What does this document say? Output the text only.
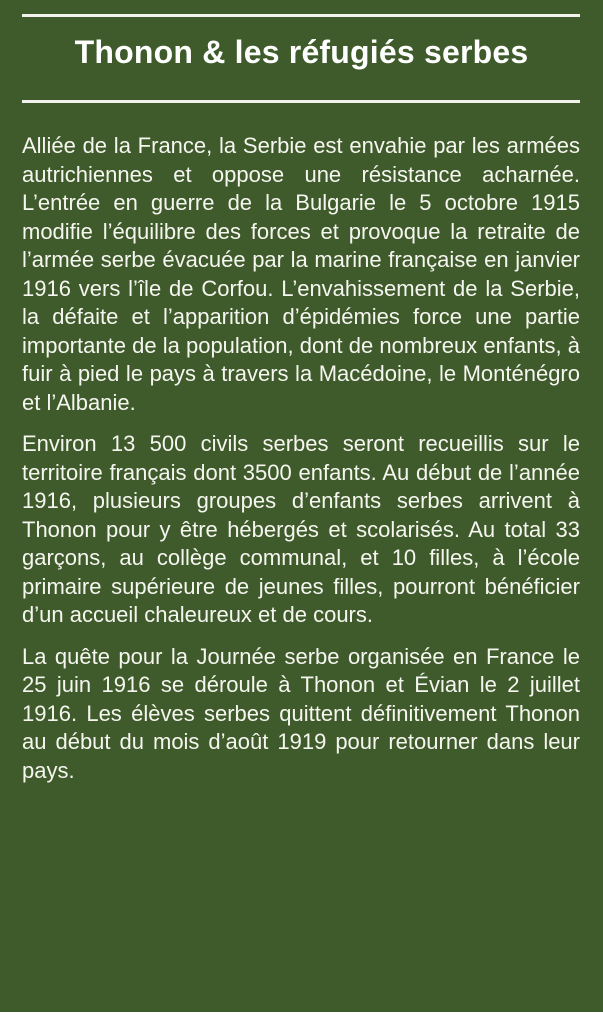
Thonon & les réfugiés serbes

Alliée de la France, la Serbie est envahie par les armées autrichiennes et oppose une résistance acharnée. L’entrée en guerre de la Bulgarie le 5 octobre 1915 modifie l’équilibre des forces et provoque la retraite de l’armée serbe évacuée par la marine française en janvier 1916 vers l’île de Corfou. L’envahissement de la Serbie, la défaite et l’apparition d’épidémies force une partie importante de la population, dont de nombreux enfants, à fuir à pied le pays à travers la Macédoine, le Monténégro et l’Albanie.

Environ 13 500 civils serbes seront recueillis sur le territoire français dont 3500 enfants. Au début de l’année 1916, plusieurs groupes d’enfants serbes arrivent à Thonon pour y être hébergés et scolarisés. Au total 33 garçons, au collège communal, et 10 filles, à l’école primaire supérieure de jeunes filles, pourront bénéficier d’un accueil chaleureux et de cours.

La quête pour la Journée serbe organisée en France le 25 juin 1916 se déroule à Thonon et Évian le 2 juillet 1916. Les élèves serbes quittent définitivement Thonon au début du mois d’août 1919 pour retourner dans leur pays.
